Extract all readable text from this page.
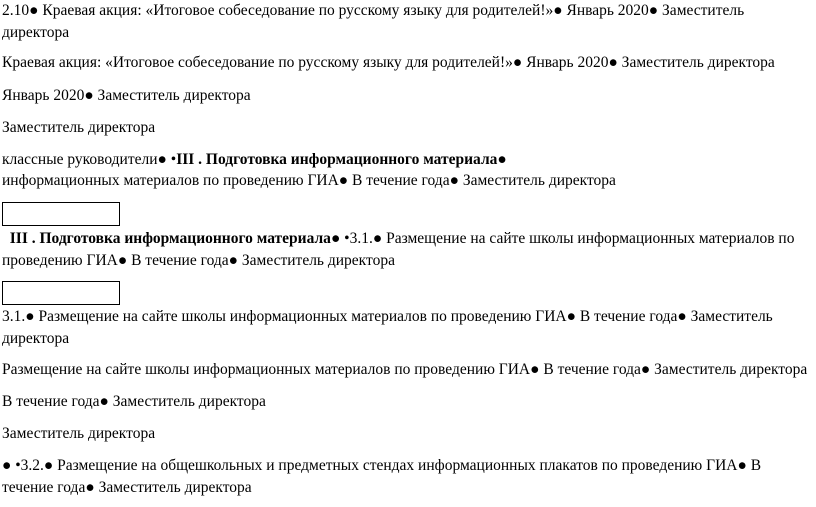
2.10● Краевая акция: «Итоговое собеседование по русскому языку для родителей!»● Январь 2020● Заместитель директора

Краевая акция: «Итоговое собеседование по русскому языку для родителей!»● Январь 2020● Заместитель директора

Январь 2020● Заместитель директора

Заместитель директора

классные руководители● •III . Подготовка информационного материала●

информационных материалов по проведению ГИА● В течение года● Заместитель директора

III . Подготовка информационного материала● •3.1.● Размещение на сайте школы информационных материалов по проведению ГИА● В течение года● Заместитель директора

3.1.● Размещение на сайте школы информационных материалов по проведению ГИА● В течение года● Заместитель директора

Размещение на сайте школы информационных материалов по проведению ГИА● В течение года● Заместитель директора

В течение года● Заместитель директора

Заместитель директора

● •3.2.● Размещение на общешкольных и предметных стендах информационных плакатов по проведению ГИА● В течение года● Заместитель директора
